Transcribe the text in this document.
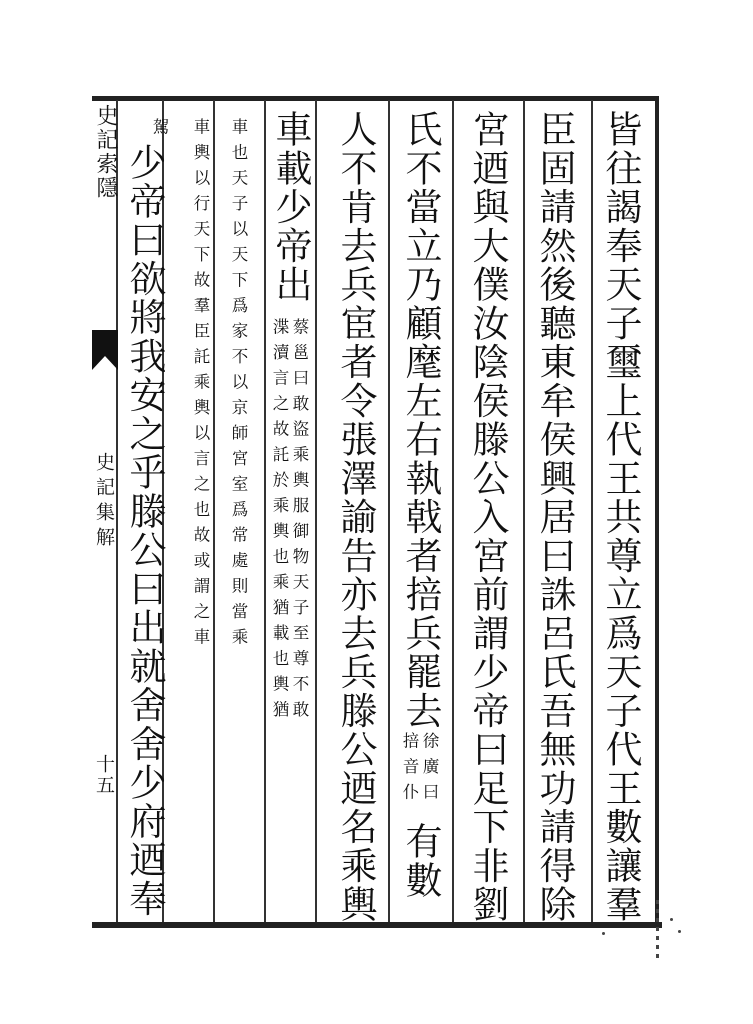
史記索隱
史記集解
十五	皆往謁奉天子璽上代王共尊立爲天子代王數讓羣
臣固請然後聽東牟侯興居曰誅呂氏吾無功請得除
宮迺與大僕汝陰侯滕公入宮前謂少帝曰足下非劉
氏不當立乃顧麾左右執戟者掊兵罷去
徐廣曰
掊音仆
有數
人不肯去兵宦者令張澤諭告亦去兵滕公迺名乘輿
車載少帝出
蔡邕曰敢盜乘輿服御物天子至尊不敢
渫瀆言之故託於乘輿也乘猶載也輿猶
車也天子以天下爲家不以京師宮室爲常處則當乘
車輿以行天下故羣臣託乘輿以言之也故或謂之車
駕
少帝曰欲將我安之乎滕公曰出就舍舍少府迺奉
